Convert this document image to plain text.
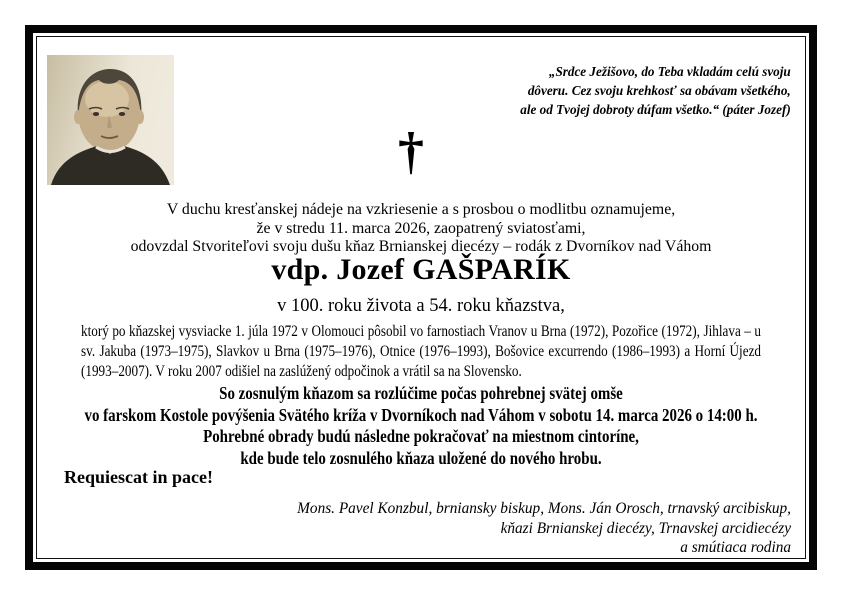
„Srdce Ježišovo, do Teba vkladám celú svoju
dôveru. Cez svoju krehkosť sa obávam všetkého,
ale od Tvojej dobroty dúfam všetko.“ (páter Jozef)
†
V duchu kresťanskej nádeje na vzkriesenie a s prosbou o modlitbu oznamujeme,
že v stredu 11. marca 2026, zaopatrený sviatosťami,
odovzdal Stvoriteľovi svoju dušu kňaz Brnianskej diecézy – rodák z Dvorníkov nad Váhom
vdp. Jozef GAŠPARÍK
v 100. roku života a 54. roku kňazstva,
ktorý po kňazskej vysviacke 1. júla 1972 v Olomouci pôsobil vo farnostiach Vranov u Brna (1972), Pozořice (1972), Jihlava – u sv. Jakuba (1973–1975), Slavkov u Brna (1975–1976), Otnice (1976–1993), Bošovice excurrendo (1986–1993) a Horní Újezd (1993–2007). V roku 2007 odišiel na zaslúžený odpočinok a vrátil sa na Slovensko.
So zosnulým kňazom sa rozlúčime počas pohrebnej svätej omše
vo farskom Kostole povýšenia Svätého kríža v Dvorníkoch nad Váhom v sobotu 14. marca 2026 o 14:00 h.
Pohrebné obrady budú následne pokračovať na miestnom cintoríne,
kde bude telo zosnulého kňaza uložené do nového hrobu.
Requiescat in pace!
Mons. Pavel Konzbul, brniansky biskup, Mons. Ján Orosch, trnavský arcibiskup,
kňazi Brnianskej diecézy, Trnavskej arcidiecézy
a smútiaca rodina
